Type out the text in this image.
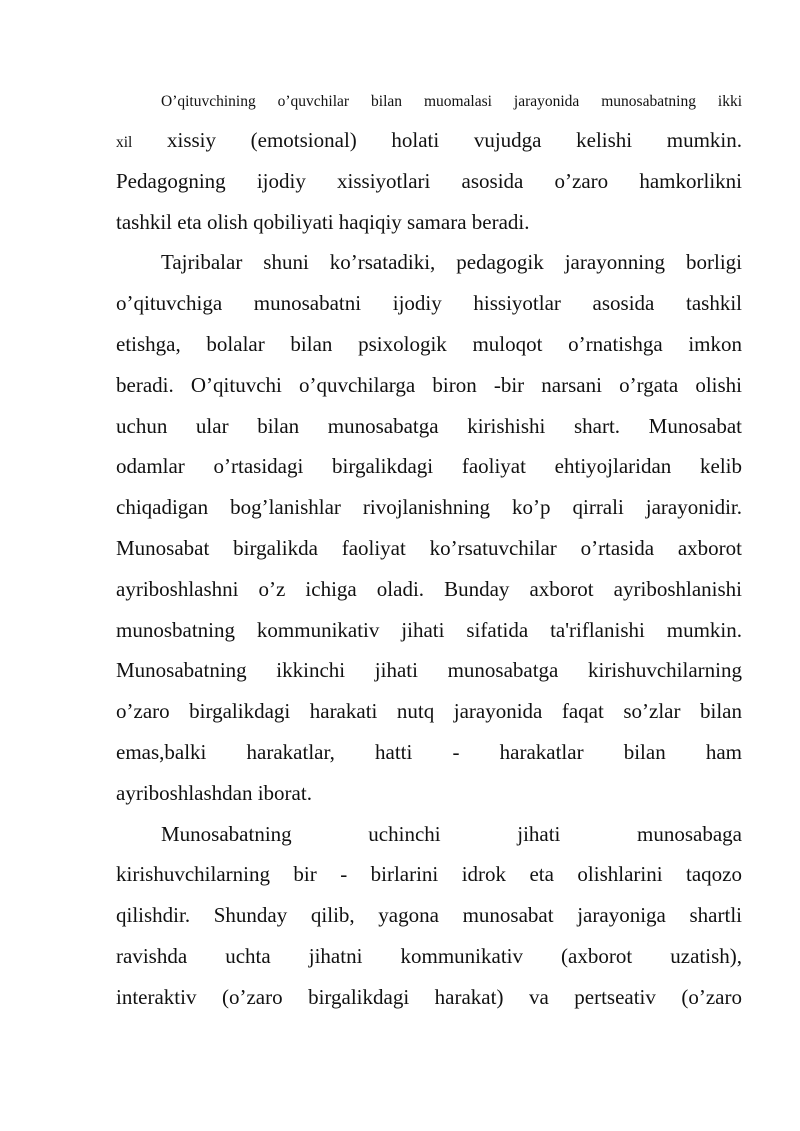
O’qituvchining o’quvchilar bilan muomalasi jarayonida munosabatning ikki
xil xissiy (emotsional) holati vujudga kelishi mumkin.
Pedagogning ijodiy xissiyotlari asosida o’zaro hamkorlikni
tashkil eta olish qobiliyati haqiqiy samara beradi.
Tajribalar shuni ko’rsatadiki, pedagogik jarayonning borligi
o’qituvchiga munosabatni ijodiy hissiyotlar asosida tashkil
etishga, bolalar bilan psixologik muloqot o’rnatishga imkon
beradi. O’qituvchi o’quvchilarga biron -bir narsani o’rgata olishi
uchun ular bilan munosabatga kirishishi shart. Munosabat
odamlar o’rtasidagi birgalikdagi faoliyat ehtiyojlaridan kelib
chiqadigan bog’lanishlar rivojlanishning ko’p qirrali jarayonidir.
Munosabat birgalikda faoliyat ko’rsatuvchilar o’rtasida axborot
ayriboshlashni o’z ichiga oladi. Bunday axborot ayriboshlanishi
munosbatning kommunikativ jihati sifatida ta'riflanishi mumkin.
Munosabatning ikkinchi jihati munosabatga kirishuvchilarning
o’zaro birgalikdagi harakati nutq jarayonida faqat so’zlar bilan
emas,balki harakatlar, hatti - harakatlar bilan ham
ayriboshlashdan iborat.
Munosabatning uchinchi jihati munosabaga
kirishuvchilarning bir - birlarini idrok eta olishlarini taqozo
qilishdir. Shunday qilib, yagona munosabat jarayoniga shartli
ravishda uchta jihatni kommunikativ (axborot uzatish),
interaktiv (o’zaro birgalikdagi harakat) va pertseativ (o’zaro
